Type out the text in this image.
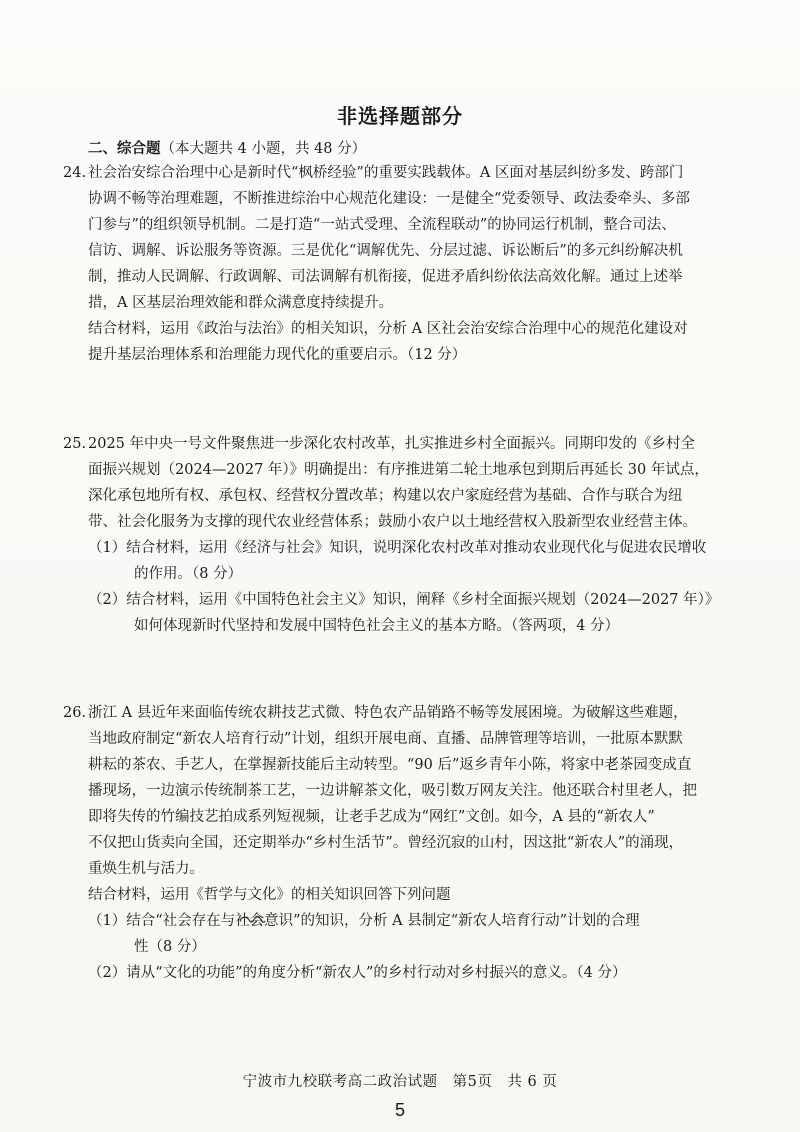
非选择题部分
二、综合题（本大题共 4 小题，共 48 分）
24. 社会治安综合治理中心是新时代“枫桥经验”的重要实践载体。A 区面对基层纠纷多发、跨部门
协调不畅等治理难题，不断推进综治中心规范化建设：一是健全“党委领导、政法委牵头、多部
门参与”的组织领导机制。二是打造“一站式受理、全流程联动”的协同运行机制，整合司法、
信访、调解、诉讼服务等资源。三是优化“调解优先、分层过滤、诉讼断后”的多元纠纷解决机
制，推动人民调解、行政调解、司法调解有机衔接，促进矛盾纠纷依法高效化解。通过上述举
措，A 区基层治理效能和群众满意度持续提升。
结合材料，运用《政治与法治》的相关知识，分析 A 区社会治安综合治理中心的规范化建设对
提升基层治理体系和治理能力现代化的重要启示。（12 分）
25. 2025 年中央一号文件聚焦进一步深化农村改革，扎实推进乡村全面振兴。同期印发的《乡村全
面振兴规划（2024—2027 年）》明确提出：有序推进第二轮土地承包到期后再延长 30 年试点，
深化承包地所有权、承包权、经营权分置改革；构建以农户家庭经营为基础、合作与联合为纽
带、社会化服务为支撑的现代农业经营体系；鼓励小农户以土地经营权入股新型农业经营主体。
（1）结合材料，运用《经济与社会》知识，说明深化农村改革对推动农业现代化与促进农民增收
的作用。（8 分）
（2）结合材料，运用《中国特色社会主义》知识，阐释《乡村全面振兴规划（2024—2027 年）》
如何体现新时代坚持和发展中国特色社会主义的基本方略。（答两项，4 分）
26. 浙江 A 县近年来面临传统农耕技艺式微、特色农产品销路不畅等发展困境。为破解这些难题，
当地政府制定“新农人培育行动”计划，组织开展电商、直播、品牌管理等培训，一批原本默默
耕耘的茶农、手艺人，在掌握新技能后主动转型。“90 后”返乡青年小陈，将家中老茶园变成直
播现场，一边演示传统制茶工艺，一边讲解茶文化，吸引数万网友关注。他还联合村里老人，把
即将失传的竹编技艺拍成系列短视频，让老手艺成为“网红”文创。如今，A 县的“新农人”
不仅把山货卖向全国，还定期举办“乡村生活节”。曾经沉寂的山村，因这批“新农人”的涌现，
重焕生机与活力。
结合材料，运用《哲学与文化》的相关知识回答下列问题
（1）结合“社会存在与社会意识”的知识，分析 A 县制定“新农人培育行动”计划的合理
性（8 分）
（2）请从“文化的功能”的角度分析“新农人”的乡村行动对乡村振兴的意义。（4 分）
宁波市九校联考高二政治试题　第5页　共 6 页
5
